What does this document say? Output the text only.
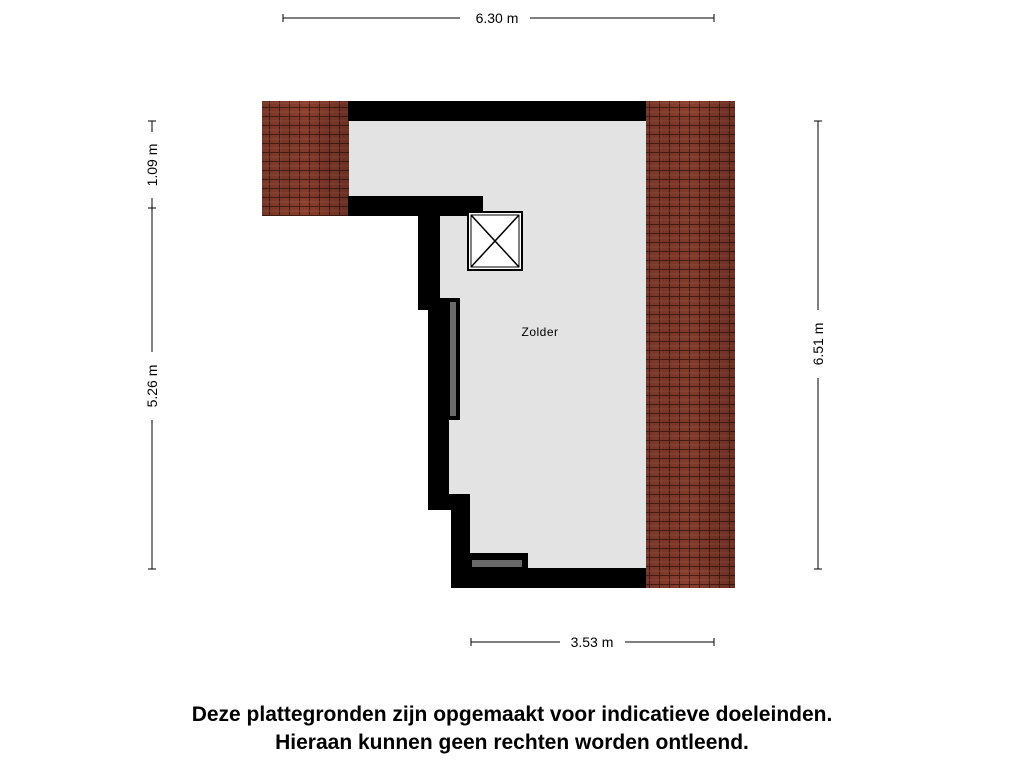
Zolder
6.30 m
3.53 m
1.09 m
5.26 m
6.51 m
Deze plattegronden zijn opgemaakt voor indicatieve doeleinden.
Hieraan kunnen geen rechten worden ontleend.
